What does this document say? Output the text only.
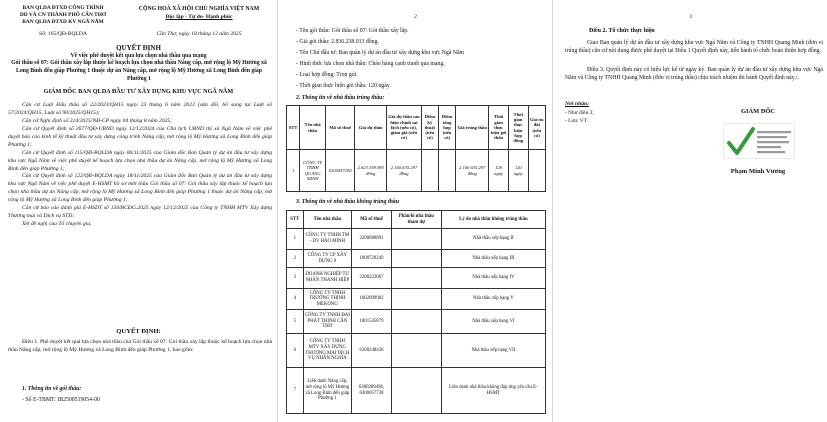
BAN QLDA ĐTXD CÔNG TRÌNH
DD VÀ CN THÀNH PHỐ CẦN THƠ
BAN QLDA ĐTXD KV NGÃ NĂM
CỘNG HOÀ XÃ HỘI CHỦ NGHĨA VIỆT NAM
Độc lập - Tự do- Hạnh phúc
Số: 165/QĐ-BQLDA	Cần Thơ, ngày 18 tháng 12 năm 2025
QUYẾT ĐỊNH
Về việc phê duyệt kết quả lựa chọn nhà thầu qua mạng
Gói thầu số 07: Gói thầu xây lắp thuộc kế hoạch lựa chọn nhà thầu Nâng cấp, mở rộng lộ Mỹ Hương xã Long Bình đến giáp Phường 1 thuộc dự án Nâng cấp, mở rộng lộ Mỹ Hương xã Long Bình đến giáp Phường 1
GIÁM ĐỐC BAN QLDA ĐẦU TƯ XÂY DỰNG KHU VỰC NGÃ NĂM
Căn cứ Luật Đấu thầu số 22/2023/QH15 ngày 23 tháng 6 năm 2023 (sửa đổi, bổ sung tại Luật số 57/2024/QH15, Luật số 90/2025/QH15);
Căn cứ Nghị định số 214/2025/NĐ-CP ngày 04 tháng 8 năm 2025;
Căn cứ Quyết định số 2677/QĐ-UBND ngày 12/12/2024 của Chủ tịch UBND thị xã Ngã Năm về việc phê duyệt báo cáo kinh tế kỹ thuật đầu tư xây dựng công trình Nâng cấp, mở rộng lộ Mỹ Hương xã Long Bình đến giáp Phường 1;
Căn cứ Quyết định số 115/QĐ-BQLDA ngày 06/11/2025 của Giám đốc Ban Quản lý dự án đầu tư xây dựng khu vực Ngã Năm về việc phê duyệt kế hoạch lựa chọn nhà thầu dự án Nâng cấp, mở rộng lộ Mỹ Hương xã Long Bình đến giáp Phường 1;
Căn cứ Quyết định số 122/QĐ-BQLDA ngày 18/11/2025 của Giám đốc Ban Quản lý dự án đầu tư xây dựng khu vực Ngã Năm về việc phê duyệt E-HSMT hồ sơ mời thầu Gói thầu số 07: Gói thầu xây lắp thuộc kế hoạch lựa chọn nhà thầu dự án Nâng cấp, mở rộng lộ Mỹ Hương xã Long Bình đến giáp Phường 1 thuộc dự án Nâng cấp, mở rộng lộ Mỹ Hương xã Long Bình đến giáp Phường 1;
Căn cứ báo cáo đánh giá E-HSDT số 134/BCĐG.2025 ngày 12/12/2025 của Công ty TNHH MTV Xây dựng Thương mại và Dịch vụ STD;
Xét đề nghị của Tổ chuyên gia,
QUYẾT ĐỊNH:
Điều 1. Phê duyệt kết quả lựa chọn nhà thầu của Gói thầu số 07: Gói thầu xây lắp thuộc kế hoạch lựa chọn nhà thầu Nâng cấp, mở rộng lộ Mỹ Hương xã Long Bình đến giáp Phường 1, bao gồm:
1. Thông tin về gói thầu:
- Số E-TBMT: IB2500519054-00
2
- Tên gói thầu: Gói thầu số 07: Gói thầu xây lắp.
- Giá gói thầu: 2.836.238.013 đồng.
- Tên Chủ đầu tư: Ban quản lý dự án đầu tư xây dựng khu vực Ngã Năm
- Hình thức lựa chọn nhà thầu: Chào hàng cạnh tranh qua mạng.
- Loại hợp đồng: Trọn gói.
- Thời gian thực hiện gói thầu: 120 ngày.
2. Thông tin về nhà thầu trúng thầu:
STT	Tên nhà thầu	Mã số thuế	Giá dự thầu	Giá dự thầu sau hiệu chỉnh sai lệch (nếu có), giảm giá (nếu có)	Điểm kỹ thuật (nếu có)	Điểm tổng hợp (nếu có)	Giá trúng thầu	Thời gian thực hiện gói thầu	Thời gian thực hiện hợp đồng	Giá ưu đãi (nếu có)
1	CÔNG TY TNHH QUANG MINH	6300047190	2.823.359.983 đồng	2.160.635.297 đồng			2.160.635.297 đồng	120 ngày	120 ngày	
3. Thông tin về nhà thầu không trúng thầu
STT	Tên nhà thầu	Mã số thuế	Phần/lô nhà thầu tham dự	Lý do nhà thầu không trúng thầu
1	CÔNG TY TNHH TM - DV HẢO MINH	2200688891		Nhà thầu xếp hạng II
2	CÔNG TY CP XÂY DỰNG 9	1800720249		Nhà thầu xếp hạng III
3	DOANH NGHIỆP TƯ NHÂN THANH HIỆP	2200222067		Nhà thầu xếp hạng IV
4	CÔNG TY TNHH TRƯỜNG THỊNH MEKONG	1602099982		Nhà thầu xếp hạng V
5	CÔNG TY TNHH ĐẠI PHÁT THỊNH CẦN THƠ	1801545879		Nhà thầu xếp hạng VI
6	CÔNG TY TNHH MTV XÂY DỰNG THƯƠNG MẠI DỊCH VỤ NHÂN NGHĨA	6300248436		Nhà thầu xếp hạng VII
7	Liên danh Nâng cấp, mở rộng lộ Mỹ Hương xã Long Bình đến giáp Phường 1	6300289496, 6300057738		Liên danh nhà thầu không đáp ứng yêu cầu E-HSMT
3
Điều 2. Tổ chức thực hiện
Giao Ban quản lý dự án đầu tư xây dựng khu vực Ngã Năm và Công ty TNHH Quang Minh (đơn vị trúng thầu) căn cứ nội dung được phê duyệt tại Điều 1 Quyết định này, tiến hành tổ chức hoàn thiện hợp đồng.
Điều 3. Quyết định này có hiệu lực kể từ ngày ký. Ban quản lý dự án đầu tư xây dựng khu vực Ngã Năm và Công ty TNHH Quang Minh (đơn vị trúng thầu) chịu trách nhiệm thi hành Quyết định này./.
Nơi nhận:
- Như điều 3;
- Lưu: VT.
GIÁM ĐỐC
Phạm Minh Vương
